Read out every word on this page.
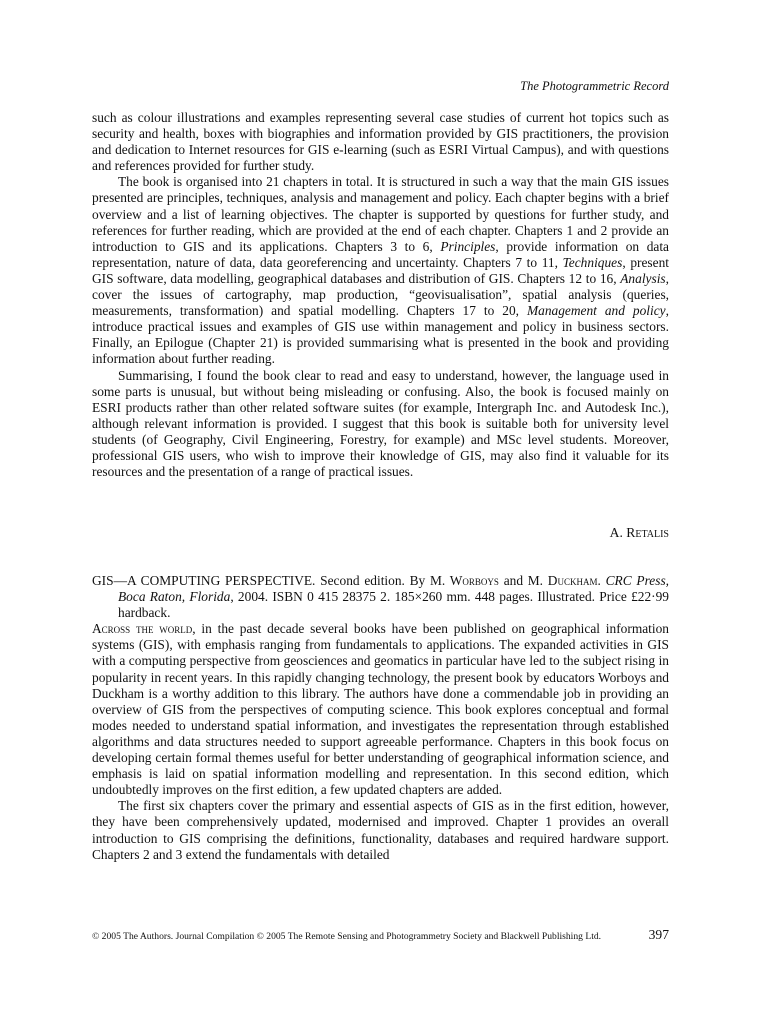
The Photogrammetric Record

such as colour illustrations and examples representing several case studies of current hot topics such as security and health, boxes with biographies and information provided by GIS practitioners, the provision and dedication to Internet resources for GIS e-learning (such as ESRI Virtual Campus), and with questions and references provided for further study.

The book is organised into 21 chapters in total. It is structured in such a way that the main GIS issues presented are principles, techniques, analysis and management and policy. Each chapter begins with a brief overview and a list of learning objectives. The chapter is supported by questions for further study, and references for further reading, which are provided at the end of each chapter. Chapters 1 and 2 provide an introduction to GIS and its applications. Chapters 3 to 6, Principles, provide information on data representation, nature of data, data georeferencing and uncertainty. Chapters 7 to 11, Techniques, present GIS software, data modelling, geographical databases and distribution of GIS. Chapters 12 to 16, Analysis, cover the issues of cartography, map production, “geovisualisation”, spatial analysis (queries, measurements, transformation) and spatial modelling. Chapters 17 to 20, Management and policy, introduce practical issues and examples of GIS use within management and policy in business sectors. Finally, an Epilogue (Chapter 21) is provided summarising what is presented in the book and providing information about further reading.

Summarising, I found the book clear to read and easy to understand, however, the language used in some parts is unusual, but without being misleading or confusing. Also, the book is focused mainly on ESRI products rather than other related software suites (for example, Intergraph Inc. and Autodesk Inc.), although relevant information is provided. I suggest that this book is suitable both for university level students (of Geography, Civil Engineering, Forestry, for example) and MSc level students. Moreover, professional GIS users, who wish to improve their knowledge of GIS, may also find it valuable for its resources and the presentation of a range of practical issues.

A. Retalis

GIS—A COMPUTING PERSPECTIVE. Second edition. By M. Worboys and M. Duckham. CRC Press, Boca Raton, Florida, 2004. ISBN 0 415 28375 2. 185×260 mm. 448 pages. Illustrated. Price £22·99 hardback.

Across the world, in the past decade several books have been published on geographical information systems (GIS), with emphasis ranging from fundamentals to applications. The expanded activities in GIS with a computing perspective from geosciences and geomatics in particular have led to the subject rising in popularity in recent years. In this rapidly changing technology, the present book by educators Worboys and Duckham is a worthy addition to this library. The authors have done a commendable job in providing an overview of GIS from the perspectives of computing science. This book explores conceptual and formal modes needed to understand spatial information, and investigates the representation through established algorithms and data structures needed to support agreeable performance. Chapters in this book focus on developing certain formal themes useful for better understanding of geographical information science, and emphasis is laid on spatial information modelling and representation. In this second edition, which undoubtedly improves on the first edition, a few updated chapters are added.

The first six chapters cover the primary and essential aspects of GIS as in the first edition, however, they have been comprehensively updated, modernised and improved. Chapter 1 provides an overall introduction to GIS comprising the definitions, functionality, databases and required hardware support. Chapters 2 and 3 extend the fundamentals with detailed

© 2005 The Authors. Journal Compilation © 2005 The Remote Sensing and Photogrammetry Society and Blackwell Publishing Ltd.	397
